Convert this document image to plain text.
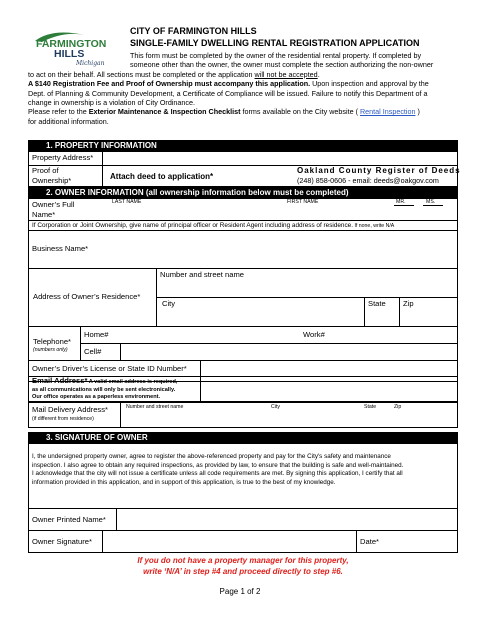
FARMINGTON
HILLS
Michigan
CITY OF FARMINGTON HILLS
SINGLE-FAMILY DWELLING RENTAL REGISTRATION APPLICATION
This form must be completed by the owner of the residential rental property. If completed by
someone other than the owner, the owner must complete the section authorizing the non-owner
to act on their behalf. All sections must be completed or the application will not be accepted.
A $140 Registration Fee and Proof of Ownership must accompany this application. Upon inspection and approval by the
Dept. of Planning & Community Development, a Certificate of Compliance will be issued. Failure to notify this Department of a
change in ownership is a violation of City Ordinance.
Please refer to the Exterior Maintenance & Inspection Checklist forms available on the City website ( Rental Inspection )
for additional information.
1. PROPERTY INFORMATION
Property Address*
Proof of
Ownership*	Attach deed to application*
Oakland County Register of Deeds
(248) 858-0606 - email: deeds@oakgov.com
2. OWNER INFORMATION (all ownership information below must be completed)
Owner’s Full
Name*
LAST NAME	FIRST NAME	MR.	MS.
If Corporation or Joint Ownership, give name of principal officer or Resident Agent including address of residence. If none, write N/A
Business Name*
Address of Owner’s Residence*
Number and street name
City	State Zip
Telephone*
(numbers only)
Home#	Work#
Cell#
Owner’s Driver’s License or State ID Number*
Email Address* A valid email address is required,
as all communications will only be sent electronically.
Our office operates as a paperless environment.
Mail Delivery Address*
(if different from residence)
Number and street name	City	State	Zip
3. SIGNATURE OF OWNER
I, the undersigned property owner, agree to register the above-referenced property and pay for the City's safety and maintenance
inspection. I also agree to obtain any required inspections, as provided by law, to ensure that the building is safe and well-maintained.
I acknowledge that the city will not issue a certificate unless all code requirements are met. By signing this application, I certify that all
information provided in this application, and in support of this application, is true to the best of my knowledge.
Owner Printed Name*
Owner Signature*	Date*
If you do not have a property manager for this property,
write ‘N/A’ in step #4 and proceed directly to step #6.
Page 1 of 2
